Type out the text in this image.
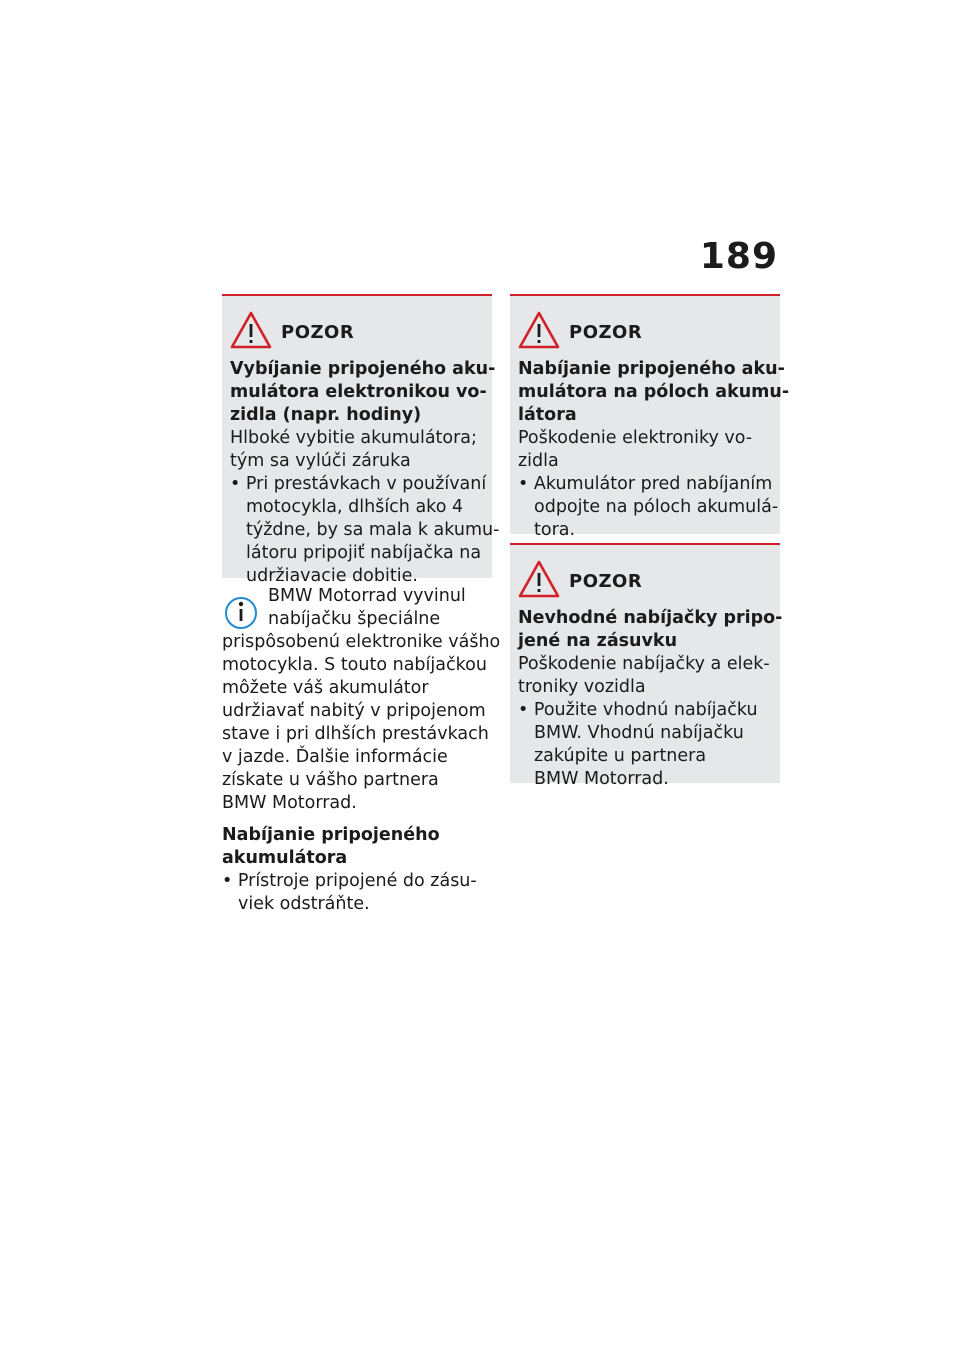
189
POZOR
Vybíjanie pripojeného aku-
mulátora elektronikou vo-
zidla (napr. hodiny)
Hlboké vybitie akumulátora;
tým sa vylúči záruka
• Pri prestávkach v používaní
motocykla, dlhších ako 4
týždne, by sa mala k akumu-
látoru pripojiť nabíjačka na
udržiavacie dobitie.
BMW Motorrad vyvinul
nabíjačku špeciálne
prispôsobenú elektronike vášho
motocykla. S touto nabíjačkou
môžete váš akumulátor
udržiavať nabitý v pripojenom
stave i pri dlhších prestávkach
v jazde. Ďalšie informácie
získate u vášho partnera
BMW Motorrad.
Nabíjanie pripojeného
akumulátora
• Prístroje pripojené do zásu-
viek odstráňte.
POZOR
Nabíjanie pripojeného aku-
mulátora na póloch akumu-
látora
Poškodenie elektroniky vo-
zidla
• Akumulátor pred nabíjaním
odpojte na póloch akumulá-
tora.
POZOR
Nevhodné nabíjačky pripo-
jené na zásuvku
Poškodenie nabíjačky a elek-
troniky vozidla
• Použite vhodnú nabíjačku
BMW. Vhodnú nabíjačku
zakúpite u partnera
BMW Motorrad.
